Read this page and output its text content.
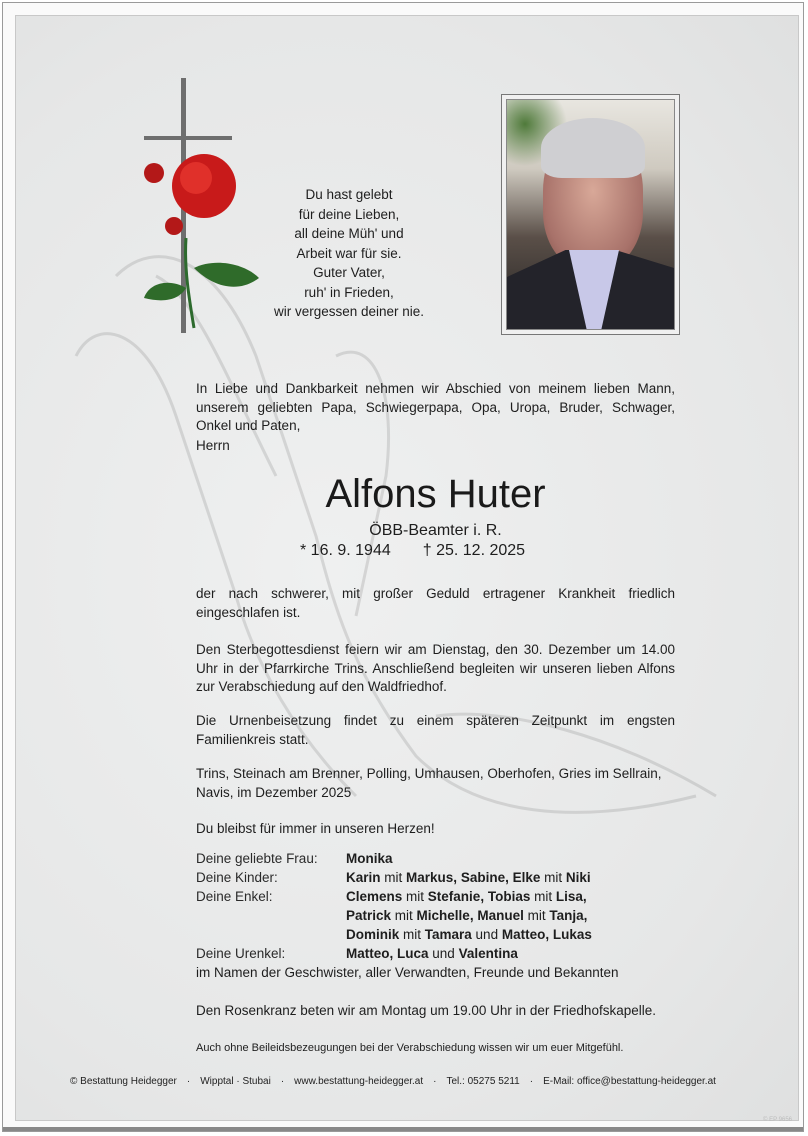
Du hast gelebt
für deine Lieben,
all deine Müh' und
Arbeit war für sie.
Guter Vater,
ruh' in Frieden,
wir vergessen deiner nie.
In Liebe und Dankbarkeit nehmen wir Abschied von meinem lieben Mann, unserem geliebten Papa, Schwiegerpapa, Opa, Uropa, Bruder, Schwager, Onkel und Paten,
Herrn
Alfons Huter
ÖBB-Beamter i. R.
* 16. 9. 1944 † 25. 12. 2025
der nach schwerer, mit großer Geduld ertragener Krankheit friedlich eingeschlafen ist.
Den Sterbegottesdienst feiern wir am Dienstag, den 30. Dezember um 14.00 Uhr in der Pfarrkirche Trins. Anschließend begleiten wir unseren lieben Alfons zur Verabschiedung auf den Waldfriedhof.
Die Urnenbeisetzung findet zu einem späteren Zeitpunkt im engsten Familienkreis statt.
Trins, Steinach am Brenner, Polling, Umhausen, Oberhofen, Gries im Sellrain, Navis, im Dezember 2025
Du bleibst für immer in unseren Herzen!
Deine geliebte Frau:	Monika
Deine Kinder:	Karin mit Markus, Sabine, Elke mit Niki
Deine Enkel:	Clemens mit Stefanie, Tobias mit Lisa,
Patrick mit Michelle, Manuel mit Tanja,
Dominik mit Tamara und Matteo, Lukas
Deine Urenkel:	Matteo, Luca und Valentina
im Namen der Geschwister, aller Verwandten, Freunde und Bekannten
Den Rosenkranz beten wir am Montag um 19.00 Uhr in der Friedhofskapelle.
Auch ohne Beileidsbezeugungen bei der Verabschiedung wissen wir um euer Mitgefühl.
© Bestattung Heidegger · Wipptal · Stubai · www.bestattung-heidegger.at · Tel.: 05275 5211 · E-Mail: office@bestattung-heidegger.at
© EP 9656
